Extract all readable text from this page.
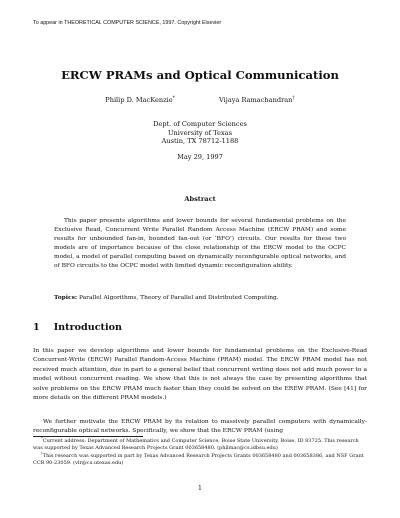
To appear in THEORETICAL COMPUTER SCIENCE, 1997. Copyright Elsevier
ERCW PRAMs and Optical Communication
Philip D. MacKenzie*	Vijaya Ramachandran†
Dept. of Computer Sciences
University of Texas
Austin, TX 78712-1188
May 29, 1997
Abstract

This paper presents algorithms and lower bounds for several fundamental problems on the Exclusive Read, Concurrent Write Parallel Random Access Machine (ERCW PRAM) and some results for unbounded fan-in, bounded fan-out (or ‘BFO’) circuits. Our results for these two models are of importance because of the close relationship of the ERCW model to the OCPC model, a model of parallel computing based on dynamically reconfigurable optical networks, and of BFO circuits to the OCPC model with limited dynamic reconfiguration ability.

Topics: Parallel Algorithms, Theory of Parallel and Distributed Computing.
1 Introduction

In this paper we develop algorithms and lower bounds for fundamental problems on the Exclusive-Read Concurrent-Write (ERCW) Parallel Random-Access Machine (PRAM) model. The ERCW PRAM model has not received much attention, due in part to a general belief that concurrent writing does not add much power to a model without concurrent reading. We show that this is not always the case by presenting algorithms that solve problems on the ERCW PRAM much faster than they could be solved on the EREW PRAM. (See [41] for more details on the different PRAM models.)

We further motivate the ERCW PRAM by its relation to massively parallel computers with dynamically-reconfigurable optical networks. Specifically, we show that the ERCW PRAM (using

*Current address: Department of Mathematics and Computer Science, Boise State University, Boise, ID 83725. This research was supported by Texas Advanced Research Projects Grant 003658480. (philmac@cs.idbsu.edu)

†This research was supported in part by Texas Advanced Research Projects Grants 003658480 and 003658386, and NSF Grant CCR 90-23059. (vlr@cs.utexas.edu)

1
